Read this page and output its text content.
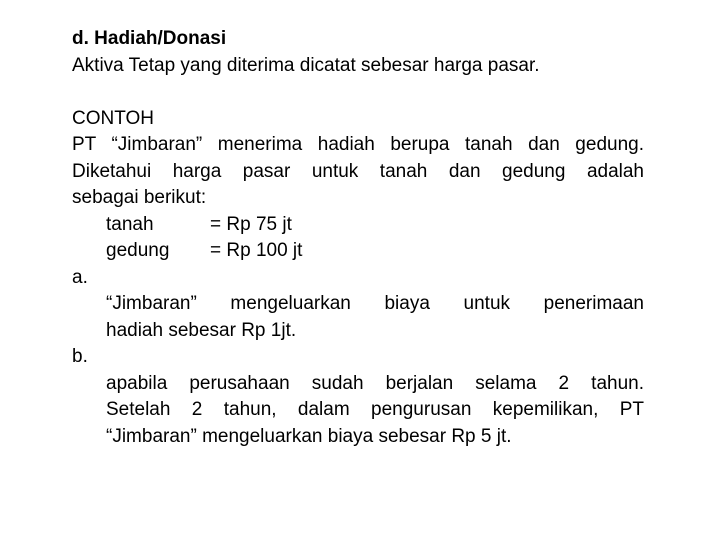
d. Hadiah/Donasi
Aktiva Tetap yang diterima dicatat sebesar harga pasar.
CONTOH
PT “Jimbaran” menerima hadiah berupa tanah dan gedung.
Diketahui harga pasar untuk tanah dan gedung adalah
sebagai berikut:
tanah	= Rp 75 jt
gedung	= Rp 100 jt
a.
“Jimbaran” mengeluarkan biaya untuk penerimaan
hadiah sebesar Rp 1jt.
b.
apabila perusahaan sudah berjalan selama 2 tahun.
Setelah 2 tahun, dalam pengurusan kepemilikan, PT
“Jimbaran” mengeluarkan biaya sebesar Rp 5 jt.
